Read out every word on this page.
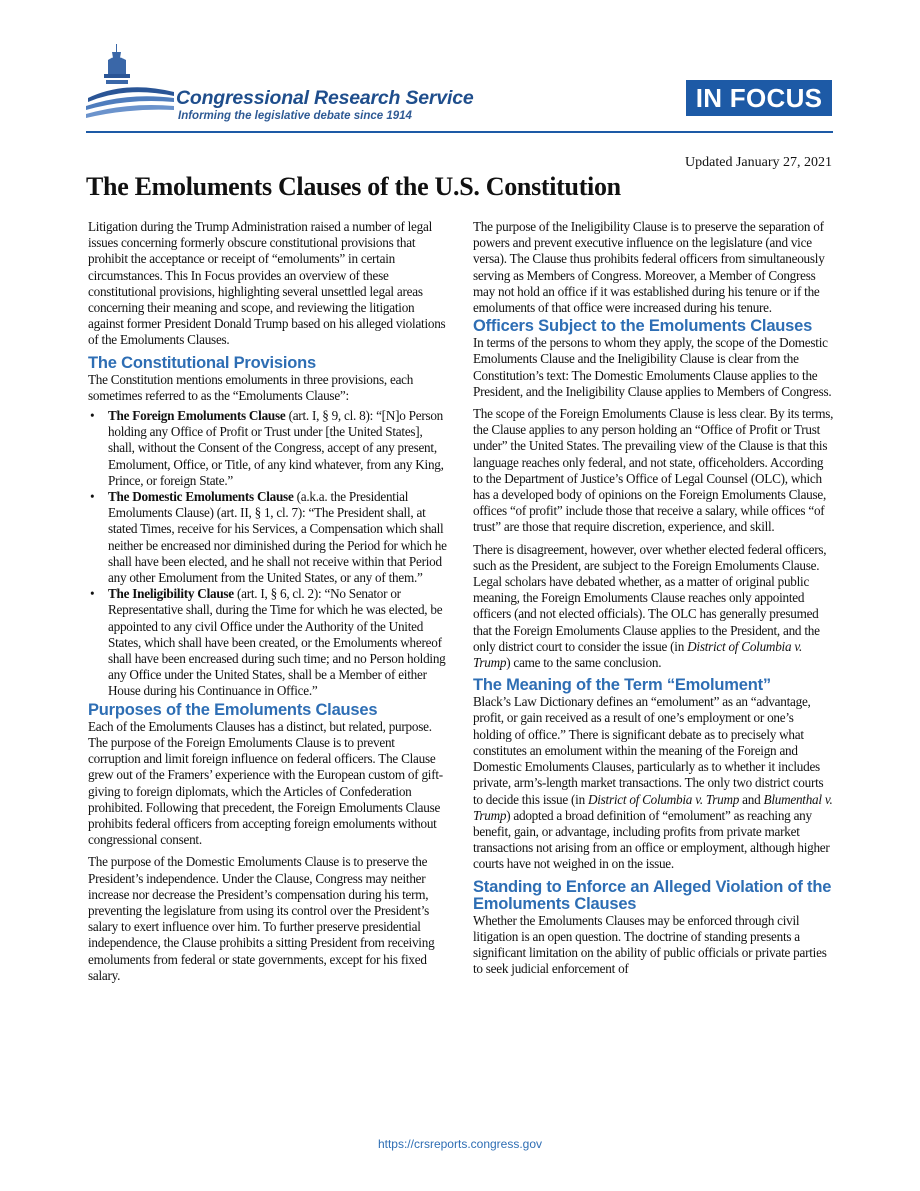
Congressional Research Service
Informing the legislative debate since 1914
IN FOCUS
Updated January 27, 2021
The Emoluments Clauses of the U.S. Constitution

Litigation during the Trump Administration raised a number of legal issues concerning formerly obscure constitutional provisions that prohibit the acceptance or receipt of “emoluments” in certain circumstances. This In Focus provides an overview of these constitutional provisions, highlighting several unsettled legal areas concerning their meaning and scope, and reviewing the litigation against former President Donald Trump based on his alleged violations of the Emoluments Clauses.

The Constitutional Provisions

The Constitution mentions emoluments in three provisions, each sometimes referred to as the “Emoluments Clause”:

• The Foreign Emoluments Clause (art. I, § 9, cl. 8): “[N]o Person holding any Office of Profit or Trust under [the United States], shall, without the Consent of the Congress, accept of any present, Emolument, Office, or Title, of any kind whatever, from any King, Prince, or foreign State.”
• The Domestic Emoluments Clause (a.k.a. the Presidential Emoluments Clause) (art. II, § 1, cl. 7): “The President shall, at stated Times, receive for his Services, a Compensation which shall neither be encreased nor diminished during the Period for which he shall have been elected, and he shall not receive within that Period any other Emolument from the United States, or any of them.”
• The Ineligibility Clause (art. I, § 6, cl. 2): “No Senator or Representative shall, during the Time for which he was elected, be appointed to any civil Office under the Authority of the United States, which shall have been created, or the Emoluments whereof shall have been encreased during such time; and no Person holding any Office under the United States, shall be a Member of either House during his Continuance in Office.”
Purposes of the Emoluments Clauses

Each of the Emoluments Clauses has a distinct, but related, purpose. The purpose of the Foreign Emoluments Clause is to prevent corruption and limit foreign influence on federal officers. The Clause grew out of the Framers’ experience with the European custom of gift-giving to foreign diplomats, which the Articles of Confederation prohibited. Following that precedent, the Foreign Emoluments Clause prohibits federal officers from accepting foreign emoluments without congressional consent.

The purpose of the Domestic Emoluments Clause is to preserve the President’s independence. Under the Clause, Congress may neither increase nor decrease the President’s compensation during his term, preventing the legislature from using its control over the President’s salary to exert influence over him. To further preserve presidential independence, the Clause prohibits a sitting President from receiving emoluments from federal or state governments, except for his fixed salary.

The purpose of the Ineligibility Clause is to preserve the separation of powers and prevent executive influence on the legislature (and vice versa). The Clause thus prohibits federal officers from simultaneously serving as Members of Congress. Moreover, a Member of Congress may not hold an office if it was established during his tenure or if the emoluments of that office were increased during his tenure.

Officers Subject to the Emoluments Clauses

In terms of the persons to whom they apply, the scope of the Domestic Emoluments Clause and the Ineligibility Clause is clear from the Constitution’s text: The Domestic Emoluments Clause applies to the President, and the Ineligibility Clause applies to Members of Congress.

The scope of the Foreign Emoluments Clause is less clear. By its terms, the Clause applies to any person holding an “Office of Profit or Trust under” the United States. The prevailing view of the Clause is that this language reaches only federal, and not state, officeholders. According to the Department of Justice’s Office of Legal Counsel (OLC), which has a developed body of opinions on the Foreign Emoluments Clause, offices “of profit” include those that receive a salary, while offices “of trust” are those that require discretion, experience, and skill.

There is disagreement, however, over whether elected federal officers, such as the President, are subject to the Foreign Emoluments Clause. Legal scholars have debated whether, as a matter of original public meaning, the Foreign Emoluments Clause reaches only appointed officers (and not elected officials). The OLC has generally presumed that the Foreign Emoluments Clause applies to the President, and the only district court to consider the issue (in District of Columbia v. Trump) came to the same conclusion.

The Meaning of the Term “Emolument”

Black’s Law Dictionary defines an “emolument” as an “advantage, profit, or gain received as a result of one’s employment or one’s holding of office.” There is significant debate as to precisely what constitutes an emolument within the meaning of the Foreign and Domestic Emoluments Clauses, particularly as to whether it includes private, arm’s-length market transactions. The only two district courts to decide this issue (in District of Columbia v. Trump and Blumenthal v. Trump) adopted a broad definition of “emolument” as reaching any benefit, gain, or advantage, including profits from private market transactions not arising from an office or employment, although higher courts have not weighed in on the issue.

Standing to Enforce an Alleged Violation of the Emoluments Clauses

Whether the Emoluments Clauses may be enforced through civil litigation is an open question. The doctrine of standing presents a significant limitation on the ability of public officials or private parties to seek judicial enforcement of

https://crsreports.congress.gov
